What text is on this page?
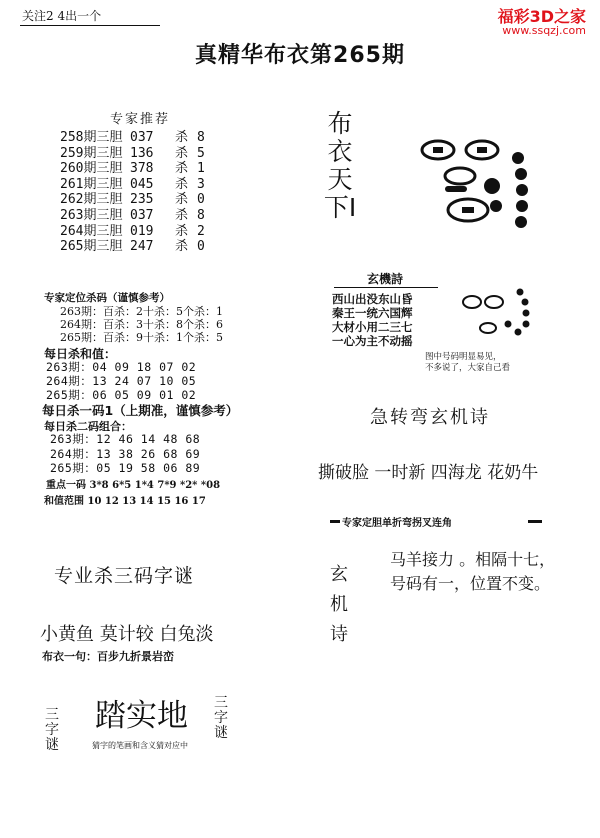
关注2 4出一个	福彩3D之家
www.ssqzj.com
真精华布衣第265期
专家推荐
258期三胆 037 杀 8
259期三胆 136 杀 5
260期三胆 378 杀 1
261期三胆 045 杀 3
262期三胆 235 杀 0
263期三胆 037 杀 8
264期三胆 019 杀 2
265期三胆 247 杀 0
专家定位杀码（谨慎参考）
263期：百杀：2十杀：5个杀：1
264期：百杀：3十杀：8个杀：6
265期：百杀：9十杀：1个杀：5
每日杀和值：
263期：04 09 18 07 02
264期：13 24 07 10 05
265期：06 05 09 01 02
每日杀一码1（上期准，谨慎参考）
每日杀二码组合：
263期：12 46 14 48 68
264期：13 38 26 68 69
265期：05 19 58 06 89
重点一码 3*8 6*5 1*4 7*9 *2* *08
和值范围 10 12 13 14 15 16 17
专业杀三码字谜
小黄鱼 莫计较 白兔淡
布衣一句：百步九折景岩峦
三字谜
踏实地 三字谜
猜字的笔画和含义猜对应中
布衣天下I
玄機詩
西山出没东山昏
秦王一统六国辉
大材小用二三七
一心为主不动摇
图中号码明显易见，
不多说了，大家自己看
急转弯玄机诗
撕破脸 一时新 四海龙 花奶牛
专家定胆单折弯拐叉连角
玄机诗
马羊接力 。相隔十七，
号码有一，位置不变。
